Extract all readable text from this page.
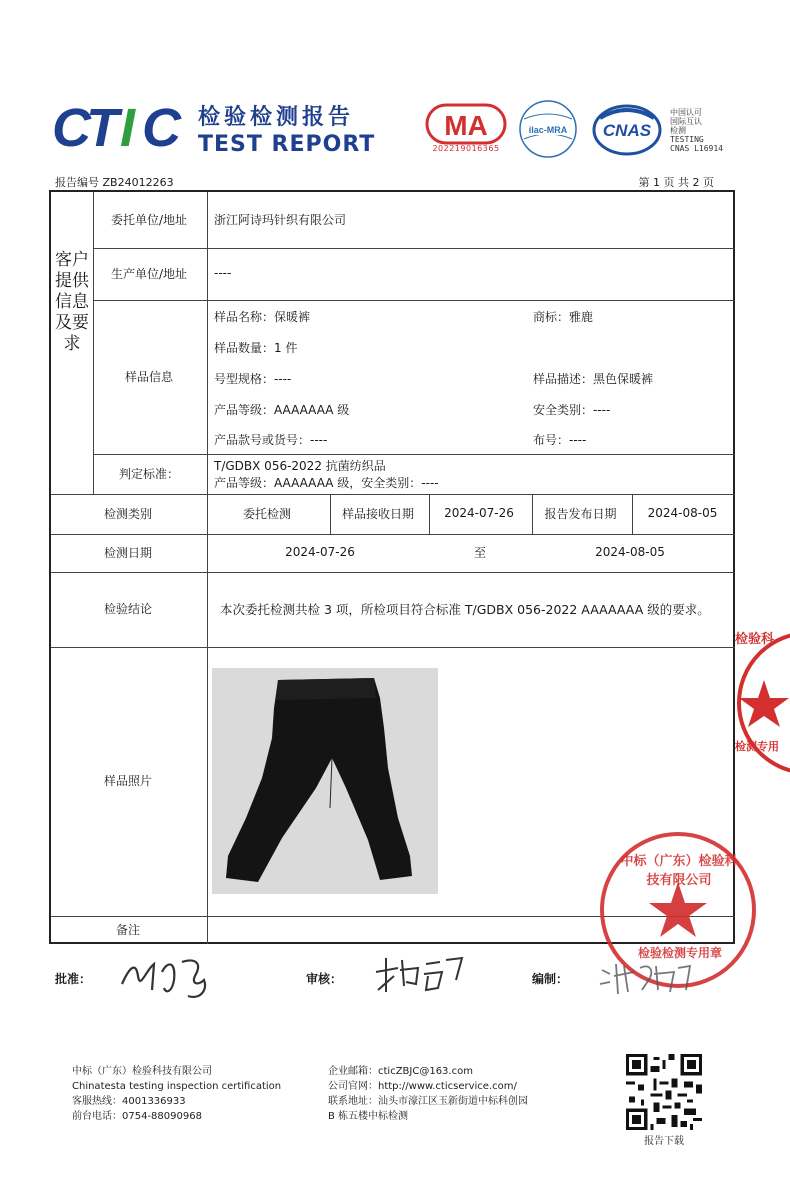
C
T I C 检验检测报告
TEST REPORT
MA
202219016365
ilac-MRA CNAS
中国认可
国际互认
检测
TESTING
CNAS L16914
报告编号 ZB24012263	第 1 页 共 2 页
客户提供信息及要求
委托单位/地址	浙江阿诗玛针织有限公司
生产单位/地址	----
样品信息
样品名称：保暖裤	商标：雅鹿
样品数量：1 件
号型规格：----	样品描述：黑色保暖裤
产品等级：AAAAAAA 级	安全类别：----
产品款号或货号：----	布号：----
判定标准：
T/GDBX 056-2022 抗菌纺织品
产品等级：AAAAAAA 级，安全类别：----
检测类别	委托检测	样品接收日期	2024-07-26	报告发布日期	2024-08-05
检测日期	2024-07-26	至	2024-08-05
检验结论	本次委托检测共检 3 项，所检项目符合标准 T/GDBX 056-2022 AAAAAAA 级的要求。
样品照片
备注
检验科
检测专用
中标（广东）检验科技有限公司
检验检测专用章
批准：	审核：	编制：
中标（广东）检验科技有限公司
Chinatesta testing inspection certification
客服热线：4001336933
前台电话：0754-88090968
企业邮箱：cticZBJC@163.com
公司官网：http://www.cticservice.com/
联系地址：汕头市濠江区玉新街道中标科创园
B 栋五楼中标检测
报告下载
